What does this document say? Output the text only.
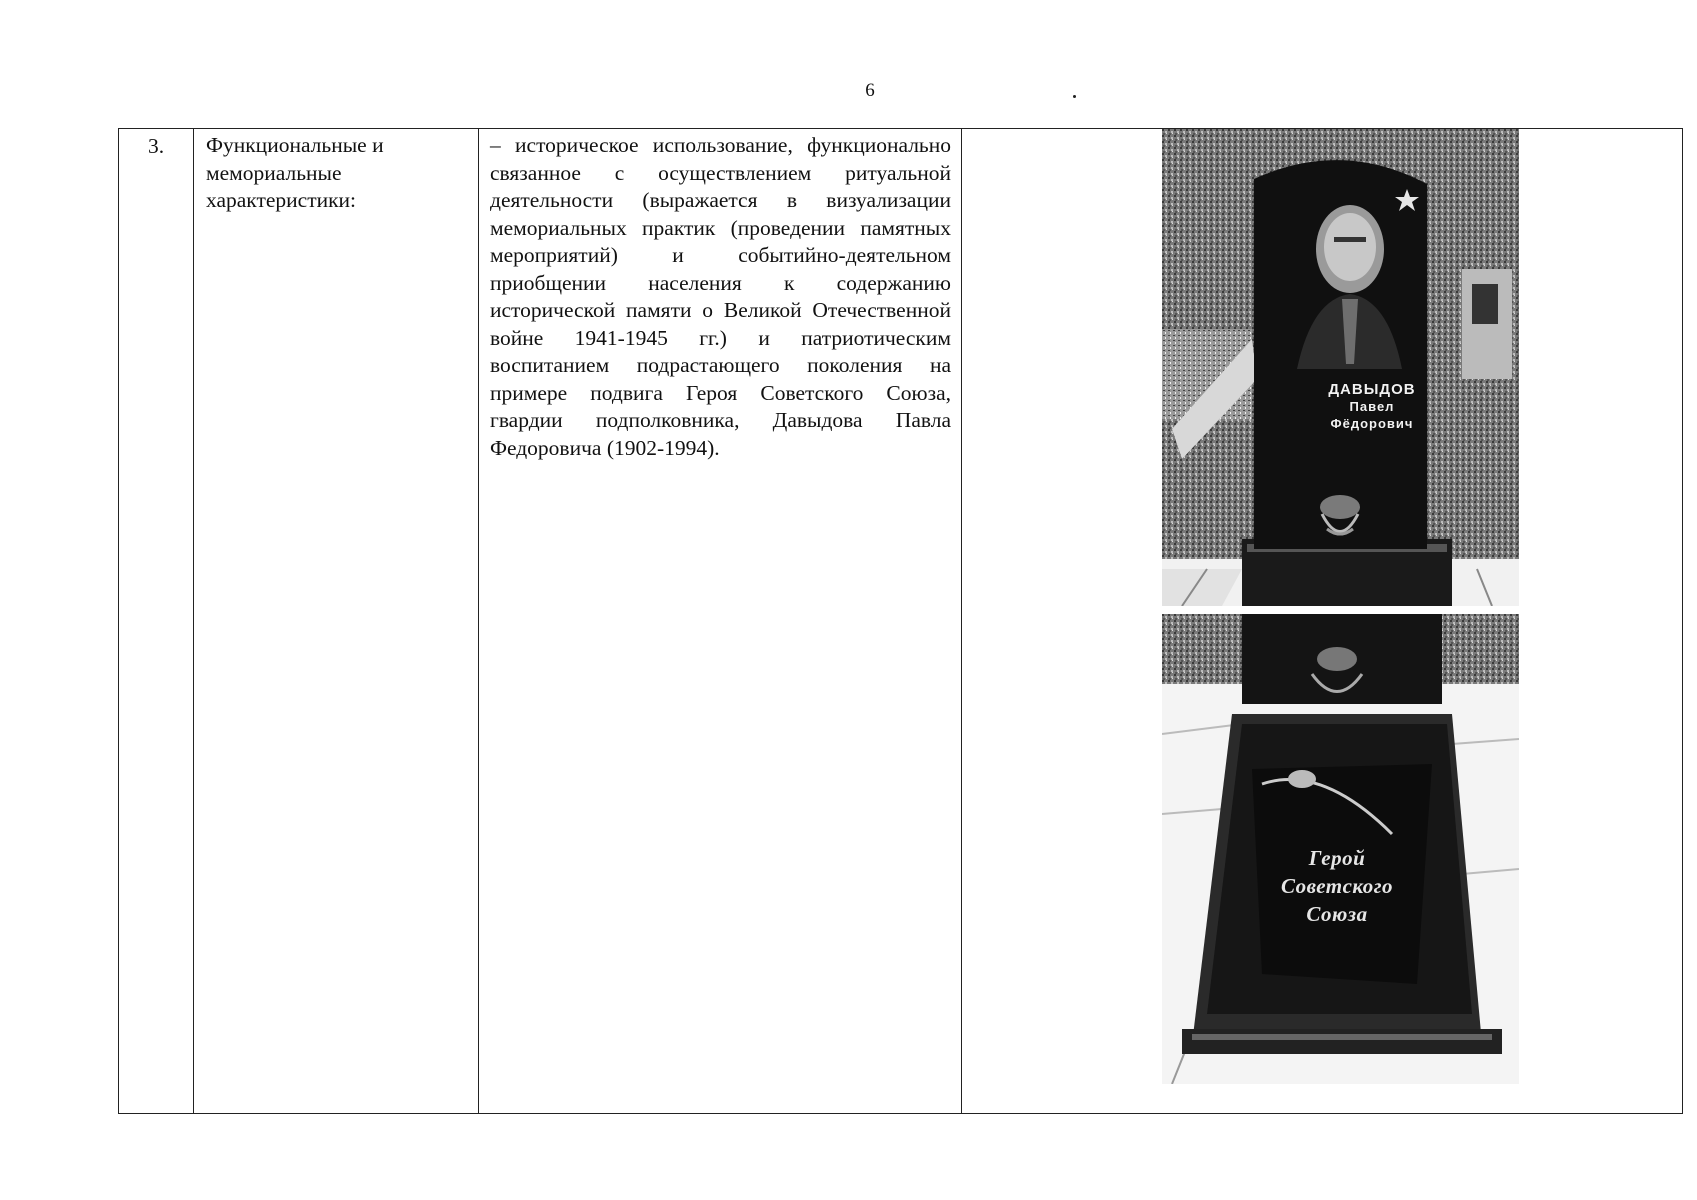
6
3.	Функциональные и мемориальные характеристики:	– историческое использование, функционально связанное с осуществлением ритуальной деятельности (выражается в визуализации мемориальных практик (проведении памятных мероприятий) и событийно-деятельном приобщении населения к содержанию исторической памяти о Великой Отечественной войне 1941-1945 гг.) и патриотическим воспитанием подрастающего поколения на примере подвига Героя Советского Союза, гвардии подполковника, Давыдова Павла Федоровича (1902-1994).	
ДАВЫДОВ
Павел
Фёдорович
Герой
Советского
Союза
